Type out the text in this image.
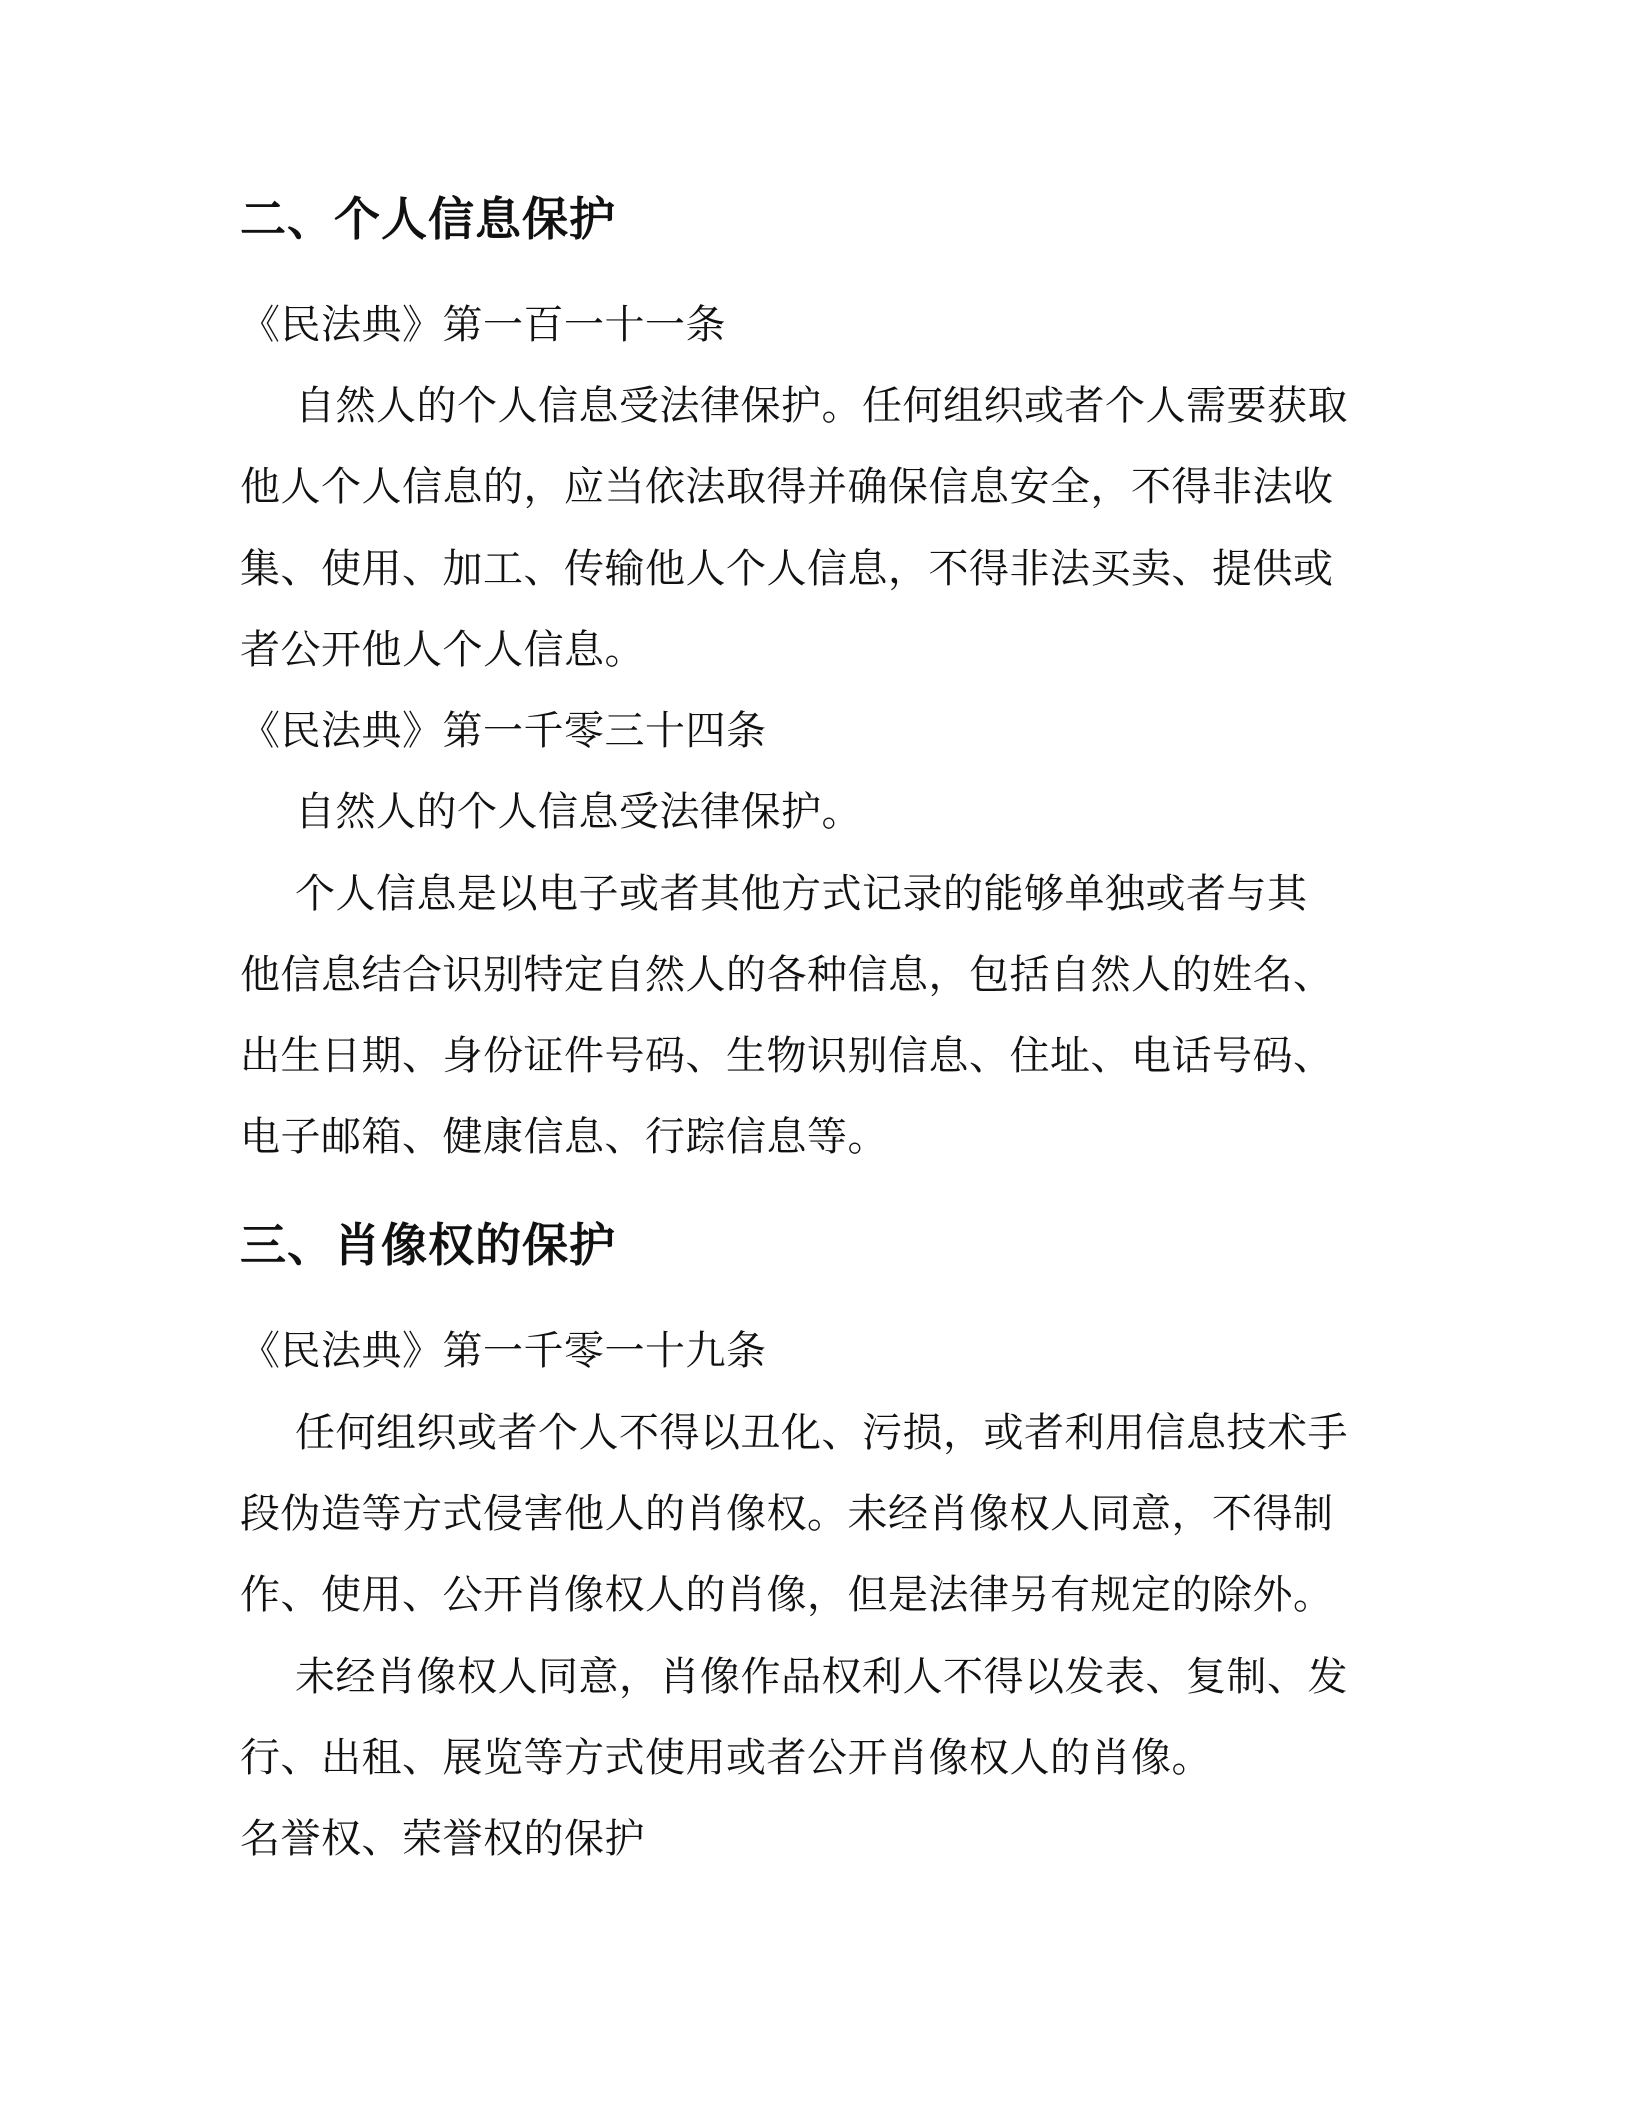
二、个人信息保护
《民法典》第一百一十一条
自然人的个人信息受法律保护。任何组织或者个人需要获取
他人个人信息的，应当依法取得并确保信息安全，不得非法收
集、使用、加工、传输他人个人信息，不得非法买卖、提供或
者公开他人个人信息。
《民法典》第一千零三十四条
自然人的个人信息受法律保护。
个人信息是以电子或者其他方式记录的能够单独或者与其
他信息结合识别特定自然人的各种信息，包括自然人的姓名、
出生日期、身份证件号码、生物识别信息、住址、电话号码、
电子邮箱、健康信息、行踪信息等。
三、肖像权的保护
《民法典》第一千零一十九条
任何组织或者个人不得以丑化、污损，或者利用信息技术手
段伪造等方式侵害他人的肖像权。未经肖像权人同意，不得制
作、使用、公开肖像权人的肖像，但是法律另有规定的除外。
未经肖像权人同意，肖像作品权利人不得以发表、复制、发
行、出租、展览等方式使用或者公开肖像权人的肖像。
名誉权、荣誉权的保护
